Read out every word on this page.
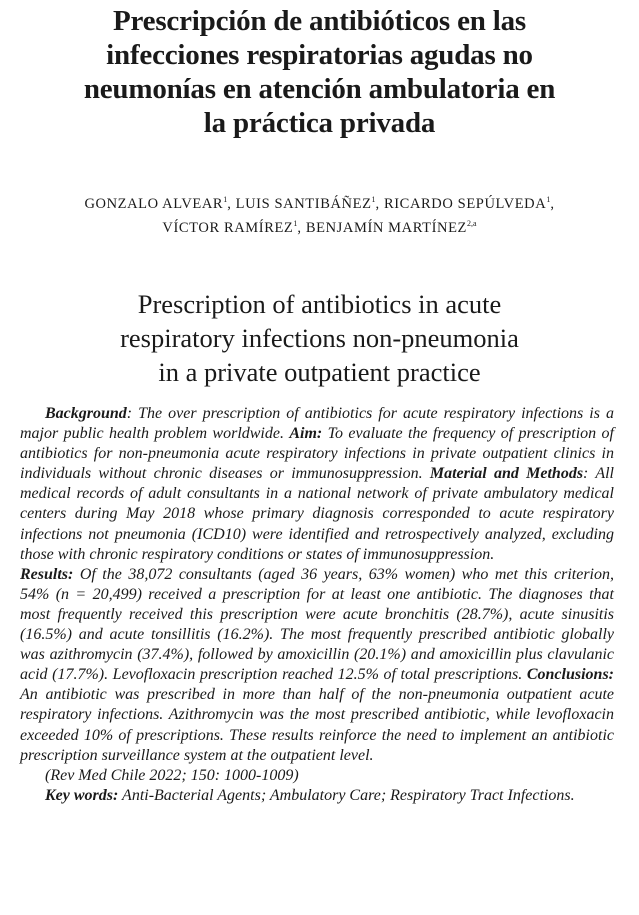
Prescripción de antibióticos en las
infecciones respiratorias agudas no
neumonías en atención ambulatoria en
la práctica privada
GONZALO ALVEAR$^1$, LUIS SANTIBÁÑEZ$^1$, RICARDO SEPÚLVEDA$^1$,
VÍCTOR RAMÍREZ$^1$, BENJAMÍN MARTÍNEZ$^{2,a}$
Prescription of antibiotics in acute
respiratory infections non-pneumonia
in a private outpatient practice

Background: The over prescription of antibiotics for acute respiratory infections is a major public health problem worldwide. Aim: To evaluate the frequency of prescription of antibiotics for non-pneumonia acute respiratory infections in private outpatient clinics in individuals without chronic diseases or immunosuppression. Material and Methods: All medical records of adult consultants in a national network of private ambulatory medical centers during May 2018 whose primary diagnosis corresponded to acute respiratory infections not pneumonia (ICD10) were identified and retrospectively analyzed, excluding those with chronic respiratory conditions or states of immunosuppression.

Results: Of the 38,072 consultants (aged 36 years, 63% women) who met this criterion, 54% (n = 20,499) received a prescription for at least one antibiotic. The diagnoses that most frequently received this prescription were acute bronchitis (28.7%), acute sinusitis (16.5%) and acute tonsillitis (16.2%). The most frequently prescribed antibiotic globally was azithromycin (37.4%), followed by amoxicillin (20.1%) and amoxicillin plus clavulanic acid (17.7%). Levofloxacin prescription reached 12.5% of total prescriptions. Conclusions: An antibiotic was prescribed in more than half of the non-pneumonia outpatient acute respiratory infections. Azithromycin was the most prescribed antibiotic, while levofloxacin exceeded 10% of prescriptions. These results reinforce the need to implement an antibiotic prescription surveillance system at the outpatient level.

(Rev Med Chile 2022; 150: 1000-1009)

Key words: Anti-Bacterial Agents; Ambulatory Care; Respiratory Tract Infections.
